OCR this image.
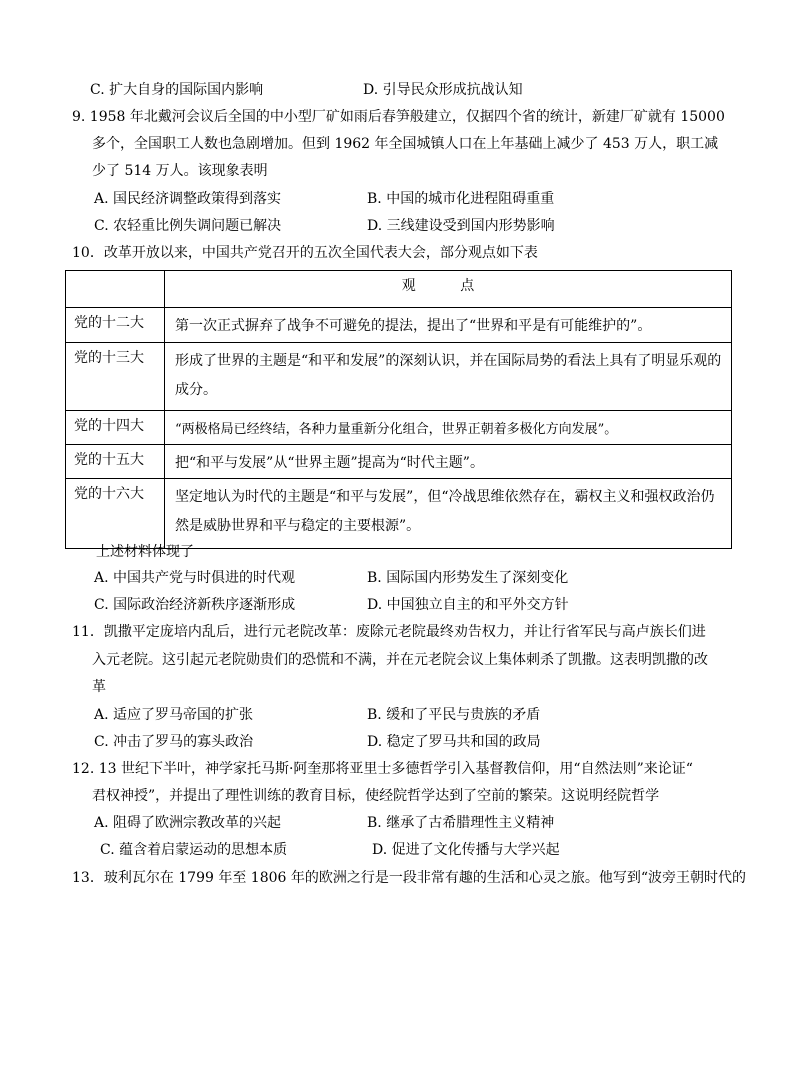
C. 扩大自身的国际国内影响	D. 引导民众形成抗战认知
9. 1958 年北戴河会议后全国的中小型厂矿如雨后春笋般建立，仅据四个省的统计，新建厂矿就有 15000
多个，全国职工人数也急剧增加。但到 1962 年全国城镇人口在上年基础上减少了 453 万人，职工减
少了 514 万人。该现象表明
A. 国民经济调整政策得到落实	B. 中国的城市化进程阻碍重重
C. 农轻重比例失调问题已解决	D. 三线建设受到国内形势影响
10．改革开放以来，中国共产党召开的五次全国代表大会，部分观点如下表
	观 点
党的十二大	第一次正式摒弃了战争不可避免的提法，提出了“世界和平是有可能维护的”。
党的十三大	形成了世界的主题是“和平和发展”的深刻认识，并在国际局势的看法上具有了明显乐观的
成分。

党的十四大	“两极格局已经终结，各种力量重新分化组合，世界正朝着多极化方向发展”。
党的十五大	把“和平与发展”从“世界主题”提高为“时代主题”。
党的十六大	坚定地认为时代的主题是“和平与发展”，但“冷战思维依然存在，霸权主义和强权政治仍
然是威胁世界和平与稳定的主要根源”。
上述材料体现了
A. 中国共产党与时俱进的时代观	B. 国际国内形势发生了深刻变化
C. 国际政治经济新秩序逐渐形成	D. 中国独立自主的和平外交方针
11．凯撒平定庞培内乱后，进行元老院改革：废除元老院最终劝告权力，并让行省军民与高卢族长们进
入元老院。这引起元老院勋贵们的恐慌和不满，并在元老院会议上集体刺杀了凯撒。这表明凯撒的改
革
A. 适应了罗马帝国的扩张	B. 缓和了平民与贵族的矛盾
C. 冲击了罗马的寡头政治	D. 稳定了罗马共和国的政局
12. 13 世纪下半叶，神学家托马斯·阿奎那将亚里士多德哲学引入基督教信仰，用“自然法则”来论证“
君权神授”，并提出了理性训练的教育目标，使经院哲学达到了空前的繁荣。这说明经院哲学
A. 阻碍了欧洲宗教改革的兴起	B. 继承了古希腊理性主义精神
C. 蕴含着启蒙运动的思想本质	D. 促进了文化传播与大学兴起
13．玻利瓦尔在 1799 年至 1806 年的欧洲之行是一段非常有趣的生活和心灵之旅。他写到“波旁王朝时代的
